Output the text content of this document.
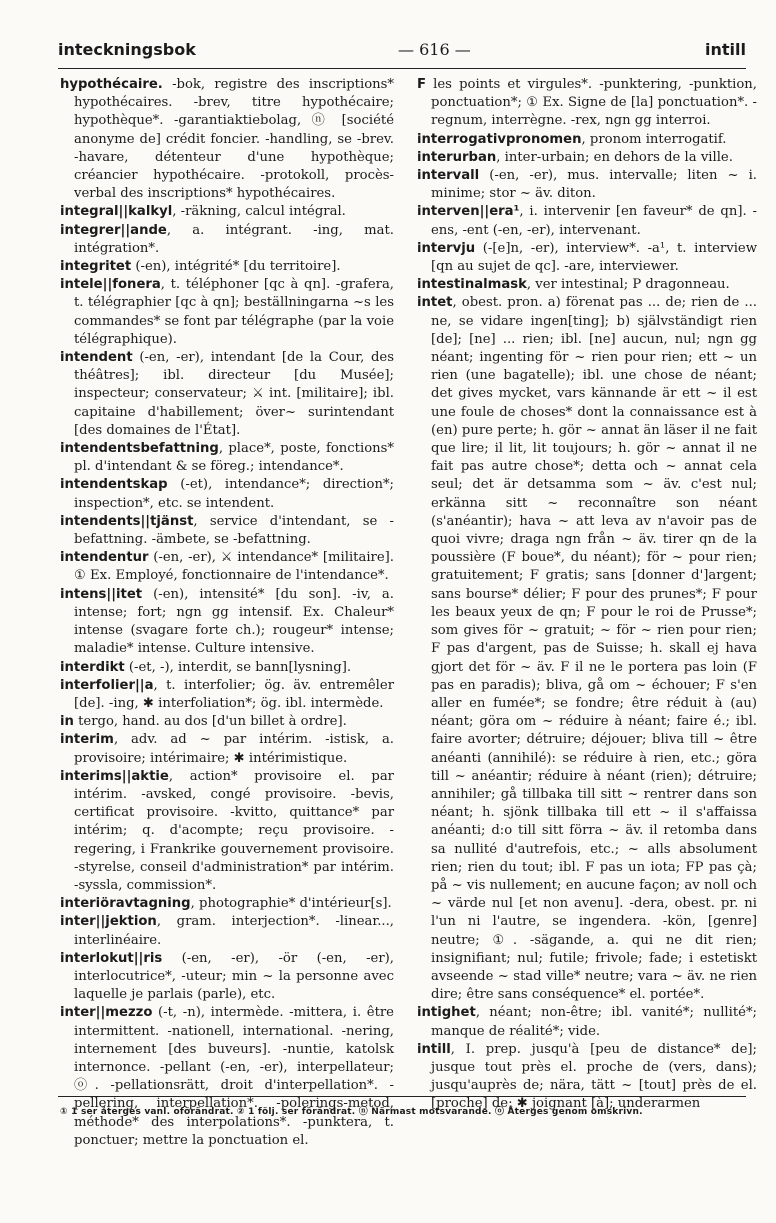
inteckningsbok	— 616 —	intill

hypothécaire. -bok, registre des inscriptions* hypothécaires. -brev, titre hypothécaire; hypothèque*. -garantiaktiebolag, ⓝ [société anonyme de] crédit foncier. -handling, se -brev. -havare, détenteur d'une hypothèque; créancier hypothécaire. -protokoll, procès-verbal des inscriptions* hypothécaires.

integral||kalkyl, -räkning, calcul intégral.

integrer||ande, a. intégrant. -ing, mat. intégration*.

integritet (-en), intégrité* [du territoire].

intele||fonera, t. téléphoner [qc à qn]. -grafera, t. télégraphier [qc à qn]; beställningarna ~s les commandes* se font par télégraphe (par la voie télégraphique).

intendent (-en, -er), intendant [de la Cour, des théâtres]; ibl. directeur [du Musée]; inspecteur; conservateur; ⚔ int. [militaire]; ibl. capitaine d'habillement; över~ surintendant [des domaines de l'État].

intendentsbefattning, place*, poste, fonctions* pl. d'intendant & se föreg.; intendance*.

intendentskap (-et), intendance*; direction*; inspection*, etc. se intendent.

intendents||tjänst, service d'intendant, se -befattning. -ämbete, se -befattning.

intendentur (-en, -er), ⚔ intendance* [militaire]. ① Ex. Employé, fonctionnaire de l'intendance*.

intens||itet (-en), intensité* [du son]. -iv, a. intense; fort; ngn gg intensif. Ex. Chaleur* intense (svagare forte ch.); rougeur* intense; maladie* intense. Culture intensive.

interdikt (-et, -), interdit, se bann[lysning].

interfolier||a, t. interfolier; ög. äv. entremêler [de]. -ing, ✱ interfoliation*; ög. ibl. intermède.

in tergo, hand. au dos [d'un billet à ordre].

interim, adv. ad ~ par intérim. -istisk, a. provisoire; intérimaire; ✱ intérimistique.

interims||aktie, action* provisoire el. par intérim. -avsked, congé provisoire. -bevis, certificat provisoire. -kvitto, quittance* par intérim; q. d'acompte; reçu provisoire. -regering, i Frankrike gouvernement provisoire. -styrelse, conseil d'administration* par intérim. -syssla, commission*.

interiöravtagning, photographie* d'intérieur[s].

inter||jektion, gram. interjection*. -linear..., interlinéaire.

interlokut||ris (-en, -er), -ör (-en, -er), interlocutrice*, -uteur; min ~ la personne avec laquelle je parlais (parle), etc.

inter||mezzo (-t, -n), intermède. -mittera, i. être intermittent. -nationell, international. -nering, internement [des buveurs]. -nuntie, katolsk internonce. -pellant (-en, -er), interpellateur; ⓞ. -pellationsrätt, droit d'interpellation*. -pellering, interpellation*. -polerings-metod, méthode* des interpolations*. -punktera, t. ponctuer; mettre la ponctuation el.

F les points et virgules*. -punktering, -punktion, ponctuation*; ① Ex. Signe de [la] ponctuation*. -regnum, interrègne. -rex, ngn gg interroi.

interrogativpronomen, pronom interrogatif.

interurban, inter-urbain; en dehors de la ville.

intervall (-en, -er), mus. intervalle; liten ~ i. minime; stor ~ äv. diton.

interven||era¹, i. intervenir [en faveur* de qn]. -ens, -ent (-en, -er), intervenant.

intervju (-[e]n, -er), interview*. -a¹, t. interview [qn au sujet de qc]. -are, interviewer.

intestinalmask, ver intestinal; P dragonneau.

intet, obest. pron. a) förenat pas ... de; rien de ... ne, se vidare ingen[ting]; b) självständigt rien [de]; [ne] ... rien; ibl. [ne] aucun, nul; ngn gg néant; ingenting för ~ rien pour rien; ett ~ un rien (une bagatelle); ibl. une chose de néant; det gives mycket, vars kännande är ett ~ il est une foule de choses* dont la connaissance est à (en) pure perte; h. gör ~ annat än läser il ne fait que lire; il lit, lit toujours; h. gör ~ annat il ne fait pas autre chose*; detta och ~ annat cela seul; det är detsamma som ~ äv. c'est nul; erkänna sitt ~ reconnaître son néant (s'anéantir); hava ~ att leva av n'avoir pas de quoi vivre; draga ngn från ~ äv. tirer qn de la poussière (F boue*, du néant); för ~ pour rien; gratuitement; F gratis; sans [donner d']argent; sans bourse* délier; F pour des prunes*; F pour les beaux yeux de qn; F pour le roi de Prusse*; som gives för ~ gratuit; ~ för ~ rien pour rien; F pas d'argent, pas de Suisse; h. skall ej hava gjort det för ~ äv. F il ne le portera pas loin (F pas en paradis); bliva, gå om ~ échouer; F s'en aller en fumée*; se fondre; être réduit à (au) néant; göra om ~ réduire à néant; faire é.; ibl. faire avorter; détruire; déjouer; bliva till ~ être anéanti (annihilé): se réduire à rien, etc.; göra till ~ anéantir; réduire à néant (rien); détruire; annihiler; gå tillbaka till sitt ~ rentrer dans son néant; h. sjönk tillbaka till ett ~ il s'affaissa anéanti; d:o till sitt förra ~ äv. il retomba dans sa nullité d'autrefois, etc.; ~ alls absolument rien; rien du tout; ibl. F pas un iota; FP pas çà; på ~ vis nullement; en aucune façon; av noll och ~ värde nul [et non avenu]. -dera, obest. pr. ni l'un ni l'autre, se ingendera. -kön, [genre] neutre; ①. -sägande, a. qui ne dit rien; insignifiant; nul; futile; frivole; fade; i estetiskt avseende ~ stad ville* neutre; vara ~ äv. ne rien dire; être sans conséquence* el. portée*.

intighet, néant; non-être; ibl. vanité*; nullité*; manque de réalité*; vide.

intill, I. prep. jusqu'à [peu de distance* de]; jusque tout près el. proche de (vers, dans); jusqu'auprès de; nära, tätt ~ [tout] près de el. [proche] de; ✱ joignant [à]; underarmen

① 1 ser återges vanl. oförändrat. ② 1 följ. ser förändrat. ⓝ Närmast motsvarande. ⓞ Återges genom omskrivn.
